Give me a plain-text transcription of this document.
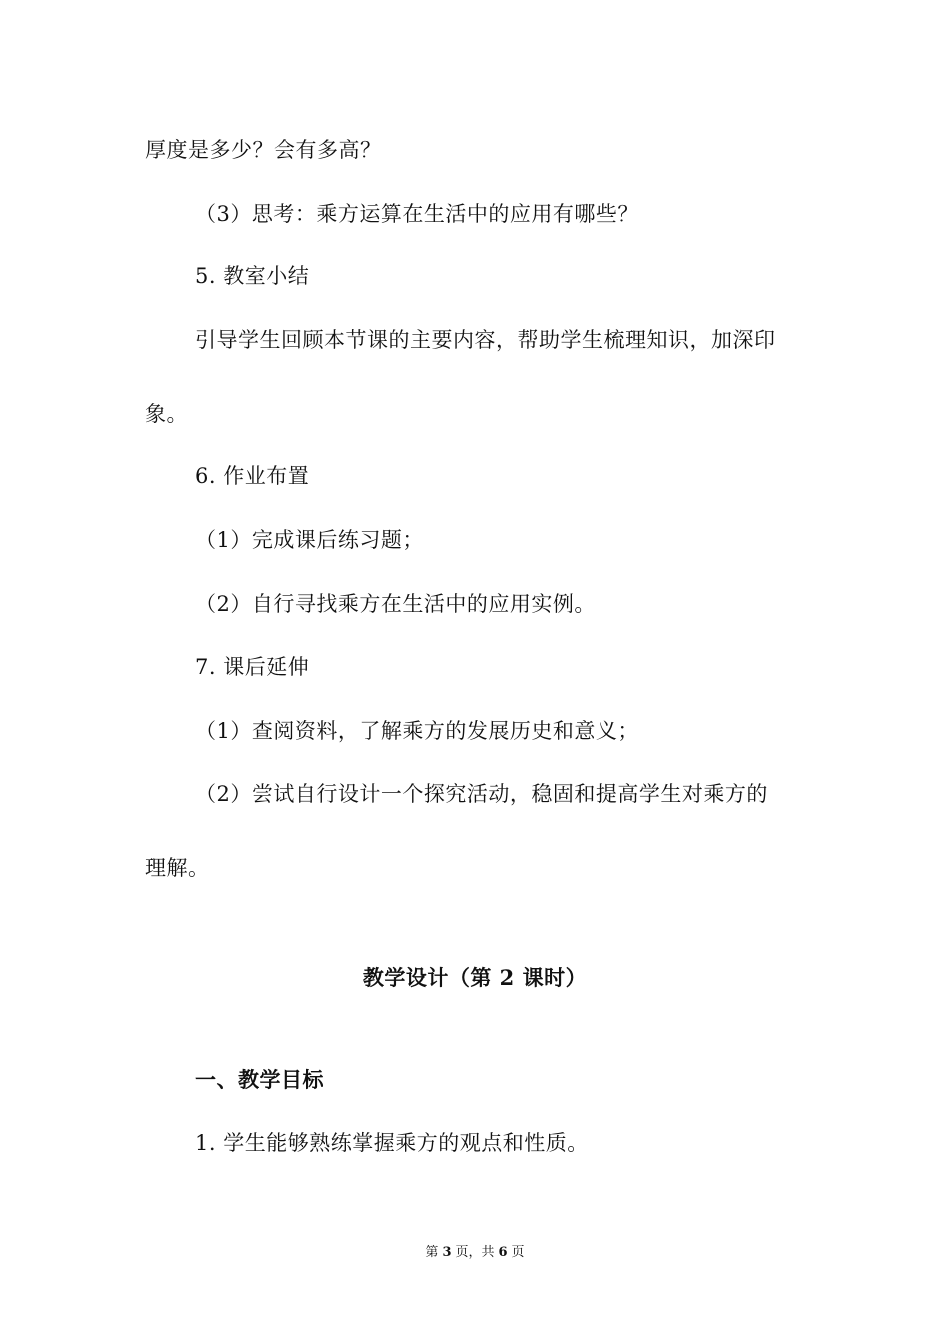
厚度是多少？会有多高？
（3）思考：乘方运算在生活中的应用有哪些？
5. 教室小结
引导学生回顾本节课的主要内容，帮助学生梳理知识，加深印
象。
6. 作业布置
（1）完成课后练习题；
（2）自行寻找乘方在生活中的应用实例。
7. 课后延伸
（1）查阅资料，了解乘方的发展历史和意义；
（2）尝试自行设计一个探究活动，稳固和提高学生对乘方的
理解。
教学设计（第 2 课时）
一、教学目标
1. 学生能够熟练掌握乘方的观点和性质。
第 3 页，共 6 页
